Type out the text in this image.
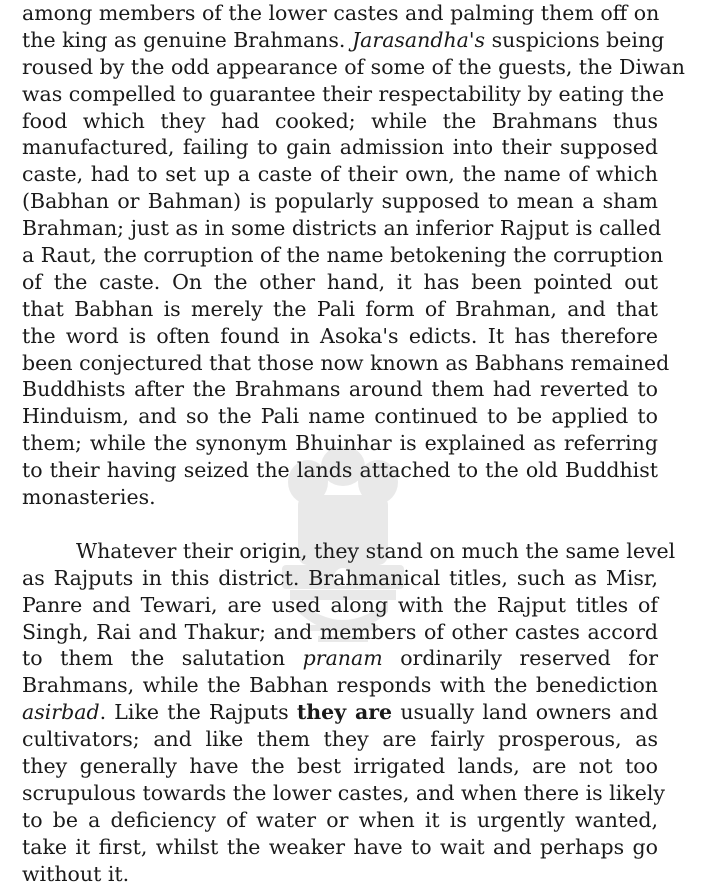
among members of the lower castes and palming them off on
the king as genuine Brahmans. Jarasandha's suspicions being
roused by the odd appearance of some of the guests, the Diwan
was compelled to guarantee their respectability by eating the
food which they had cooked; while the Brahmans thus
manufactured, failing to gain admission into their supposed
caste, had to set up a caste of their own, the name of which
(Babhan or Bahman) is popularly supposed to mean a sham
Brahman; just as in some districts an inferior Rajput is called
a Raut, the corruption of the name betokening the corruption
of the caste. On the other hand, it has been pointed out
that Babhan is merely the Pali form of Brahman, and that
the word is often found in Asoka's edicts. It has therefore
been conjectured that those now known as Babhans remained
Buddhists after the Brahmans around them had reverted to
Hinduism, and so the Pali name continued to be applied to
them; while the synonym Bhuinhar is explained as referring
to their having seized the lands attached to the old Buddhist
monasteries.
Whatever their origin, they stand on much the same level
as Rajputs in this district. Brahmanical titles, such as Misr,
Panre and Tewari, are used along with the Rajput titles of
Singh, Rai and Thakur; and members of other castes accord
to them the salutation pranam ordinarily reserved for
Brahmans, while the Babhan responds with the benediction
asirbad. Like the Rajputs they are usually land owners and
cultivators; and like them they are fairly prosperous, as
they generally have the best irrigated lands, are not too
scrupulous towards the lower castes, and when there is likely
to be a deficiency of water or when it is urgently wanted,
take it first, whilst the weaker have to wait and perhaps go
without it.
